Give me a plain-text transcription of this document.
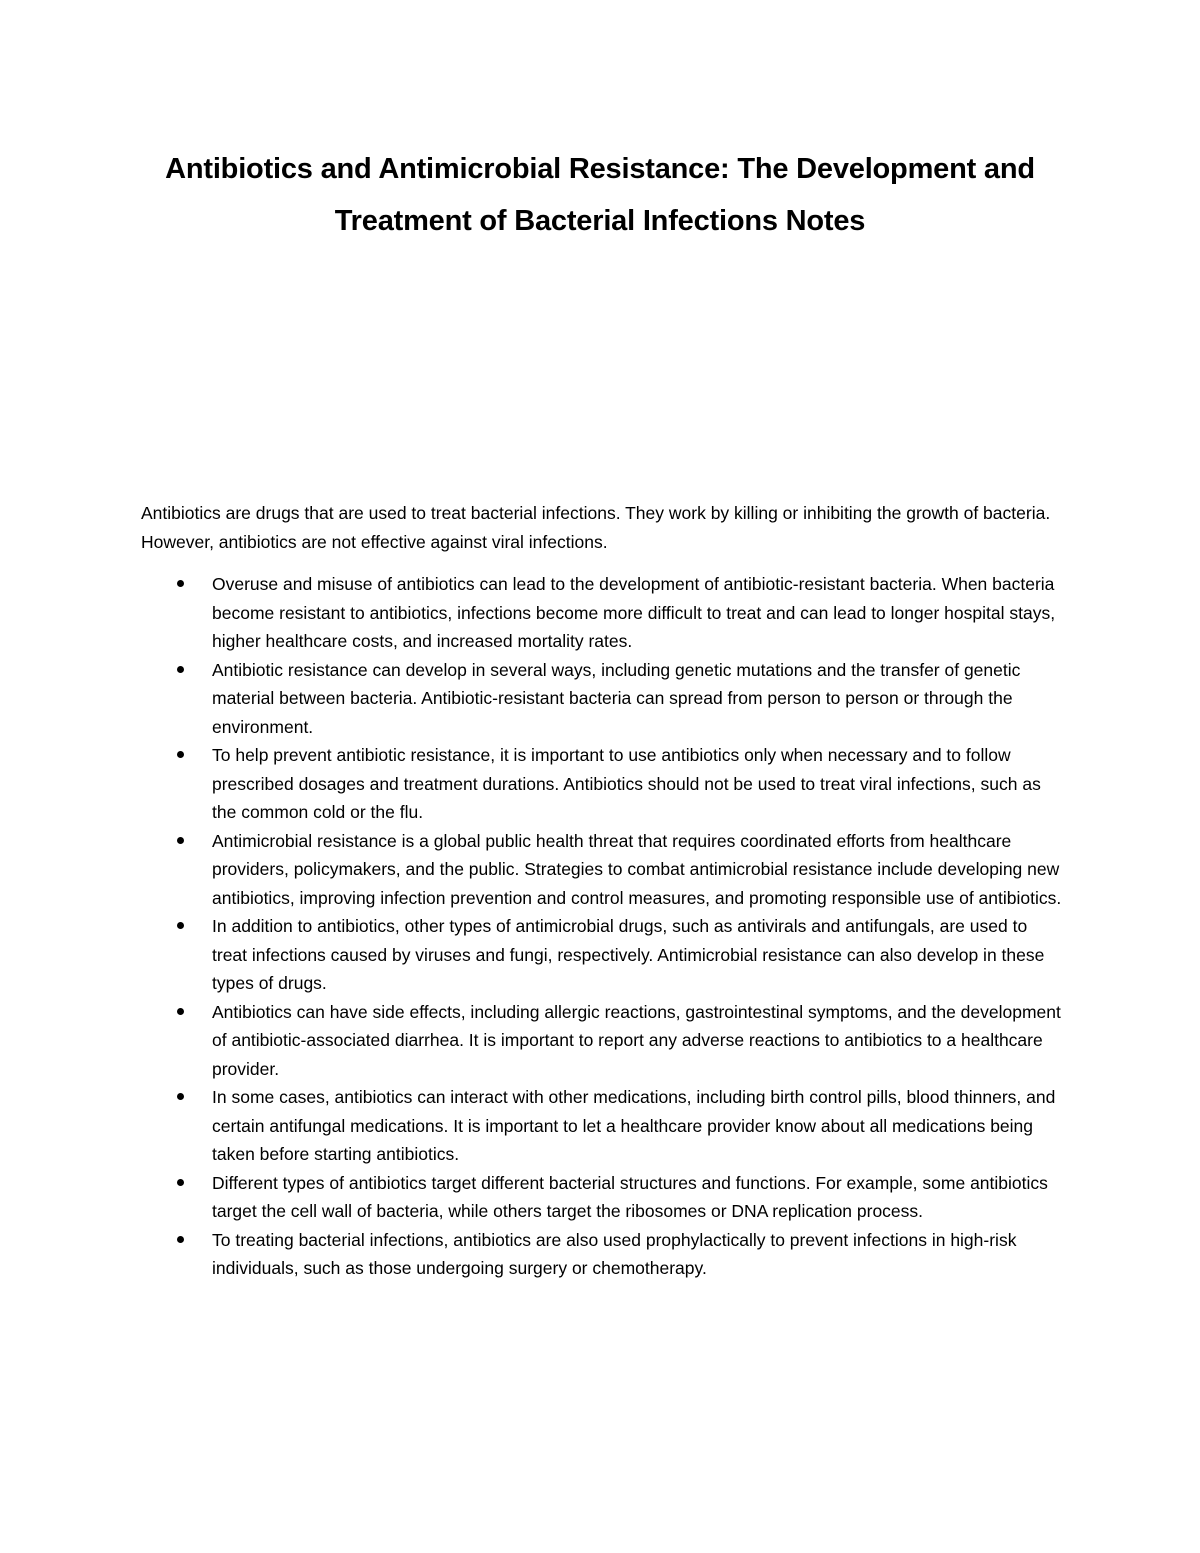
Antibiotics and Antimicrobial Resistance: The Development and Treatment of Bacterial Infections Notes

Antibiotics are drugs that are used to treat bacterial infections. They work by killing or inhibiting the growth of bacteria. However, antibiotics are not effective against viral infections.

Overuse and misuse of antibiotics can lead to the development of antibiotic-resistant bacteria. When bacteria become resistant to antibiotics, infections become more difficult to treat and can lead to longer hospital stays, higher healthcare costs, and increased mortality rates.
Antibiotic resistance can develop in several ways, including genetic mutations and the transfer of genetic material between bacteria. Antibiotic-resistant bacteria can spread from person to person or through the environment.
To help prevent antibiotic resistance, it is important to use antibiotics only when necessary and to follow prescribed dosages and treatment durations. Antibiotics should not be used to treat viral infections, such as the common cold or the flu.
Antimicrobial resistance is a global public health threat that requires coordinated efforts from healthcare providers, policymakers, and the public. Strategies to combat antimicrobial resistance include developing new antibiotics, improving infection prevention and control measures, and promoting responsible use of antibiotics.
In addition to antibiotics, other types of antimicrobial drugs, such as antivirals and antifungals, are used to treat infections caused by viruses and fungi, respectively. Antimicrobial resistance can also develop in these types of drugs.
Antibiotics can have side effects, including allergic reactions, gastrointestinal symptoms, and the development of antibiotic-associated diarrhea. It is important to report any adverse reactions to antibiotics to a healthcare provider.
In some cases, antibiotics can interact with other medications, including birth control pills, blood thinners, and certain antifungal medications. It is important to let a healthcare provider know about all medications being taken before starting antibiotics.
Different types of antibiotics target different bacterial structures and functions. For example, some antibiotics target the cell wall of bacteria, while others target the ribosomes or DNA replication process.
To treating bacterial infections, antibiotics are also used prophylactically to prevent infections in high-risk individuals, such as those undergoing surgery or chemotherapy.
